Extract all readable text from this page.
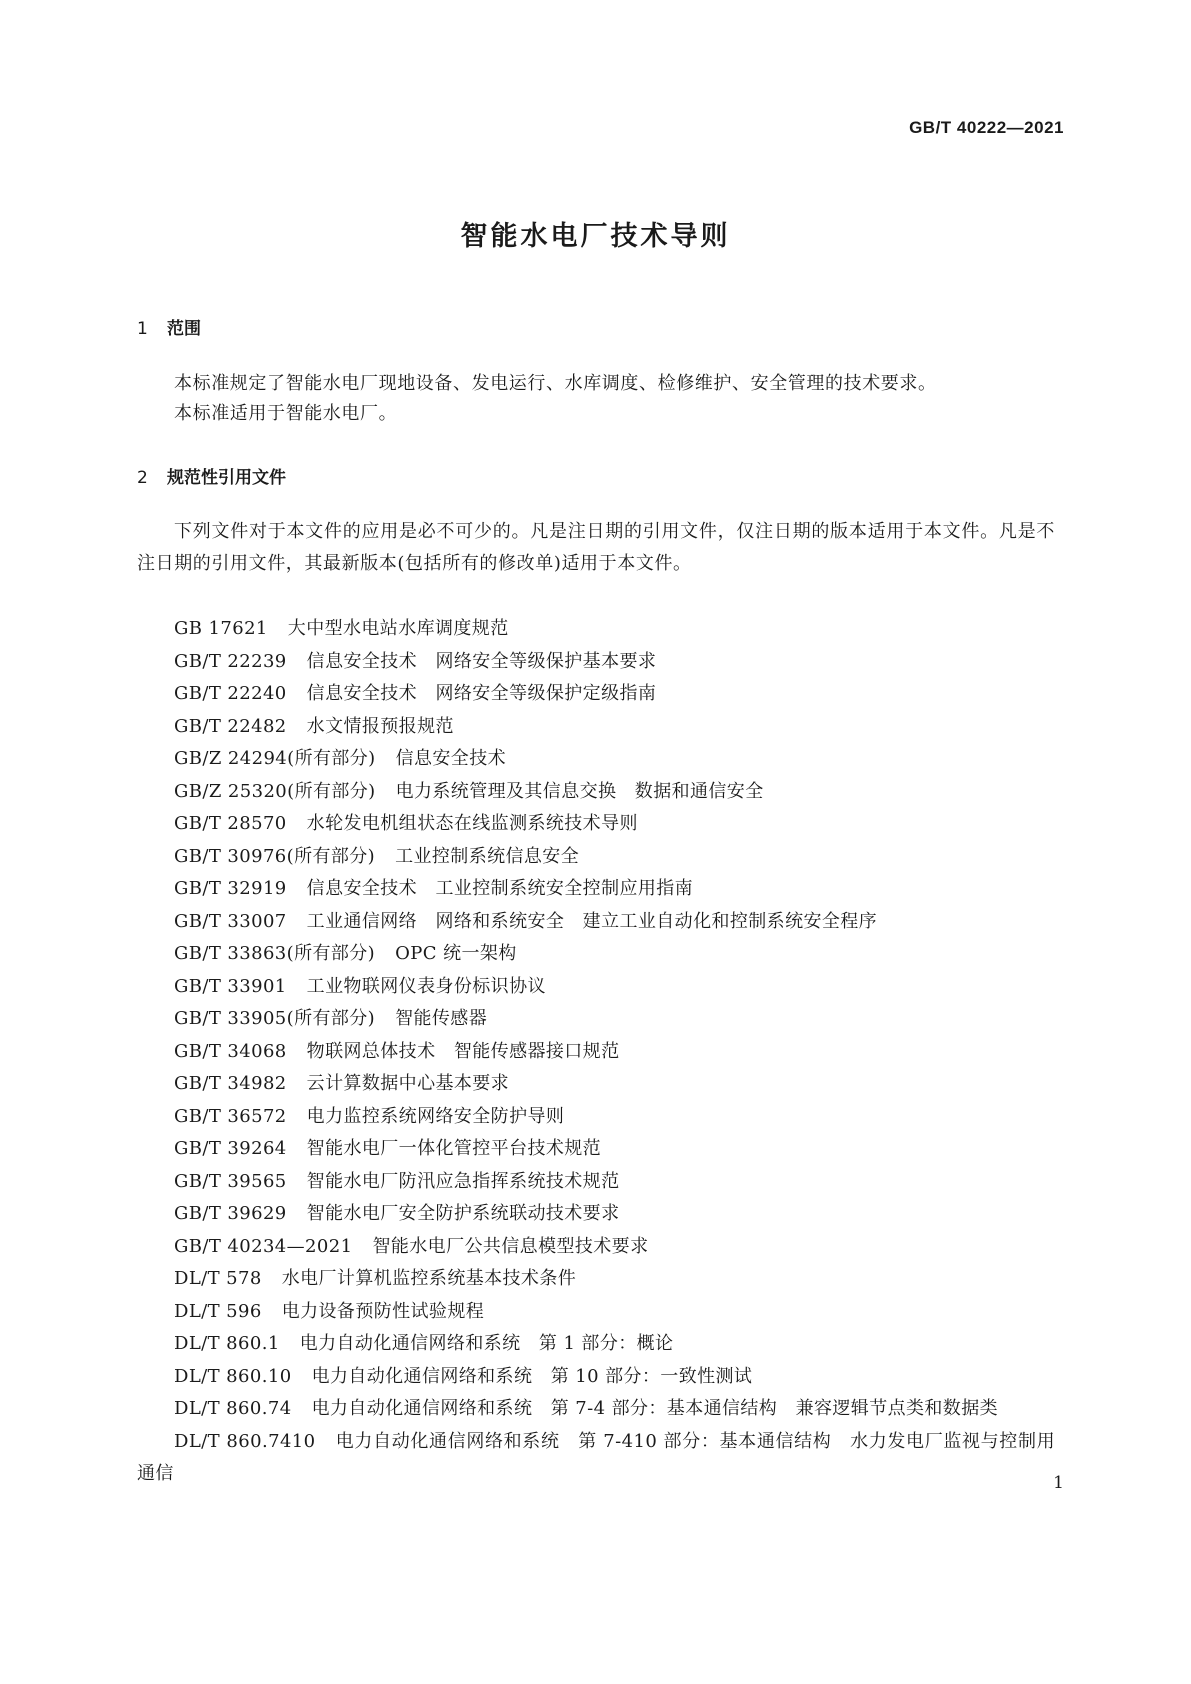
GB/T 40222—2021
智能水电厂技术导则
1 范围
本标准规定了智能水电厂现地设备、发电运行、水库调度、检修维护、安全管理的技术要求。
本标准适用于智能水电厂。
2 规范性引用文件
下列文件对于本文件的应用是必不可少的。凡是注日期的引用文件，仅注日期的版本适用于本文件。凡是不注日期的引用文件，其最新版本(包括所有的修改单)适用于本文件。
GB 17621 大中型水电站水库调度规范
GB/T 22239 信息安全技术　网络安全等级保护基本要求
GB/T 22240 信息安全技术　网络安全等级保护定级指南
GB/T 22482 水文情报预报规范
GB/Z 24294(所有部分) 信息安全技术
GB/Z 25320(所有部分) 电力系统管理及其信息交换　数据和通信安全
GB/T 28570 水轮发电机组状态在线监测系统技术导则
GB/T 30976(所有部分) 工业控制系统信息安全
GB/T 32919 信息安全技术　工业控制系统安全控制应用指南
GB/T 33007 工业通信网络　网络和系统安全　建立工业自动化和控制系统安全程序
GB/T 33863(所有部分) OPC 统一架构
GB/T 33901 工业物联网仪表身份标识协议
GB/T 33905(所有部分) 智能传感器
GB/T 34068 物联网总体技术　智能传感器接口规范
GB/T 34982 云计算数据中心基本要求
GB/T 36572 电力监控系统网络安全防护导则
GB/T 39264 智能水电厂一体化管控平台技术规范
GB/T 39565 智能水电厂防汛应急指挥系统技术规范
GB/T 39629 智能水电厂安全防护系统联动技术要求
GB/T 40234—2021 智能水电厂公共信息模型技术要求
DL/T 578 水电厂计算机监控系统基本技术条件
DL/T 596 电力设备预防性试验规程
DL/T 860.1 电力自动化通信网络和系统　第 1 部分：概论
DL/T 860.10 电力自动化通信网络和系统　第 10 部分：一致性测试
DL/T 860.74 电力自动化通信网络和系统　第 7-4 部分：基本通信结构　兼容逻辑节点类和数据类
DL/T 860.7410 电力自动化通信网络和系统　第 7-410 部分：基本通信结构　水力发电厂监视与控制用通信	1
